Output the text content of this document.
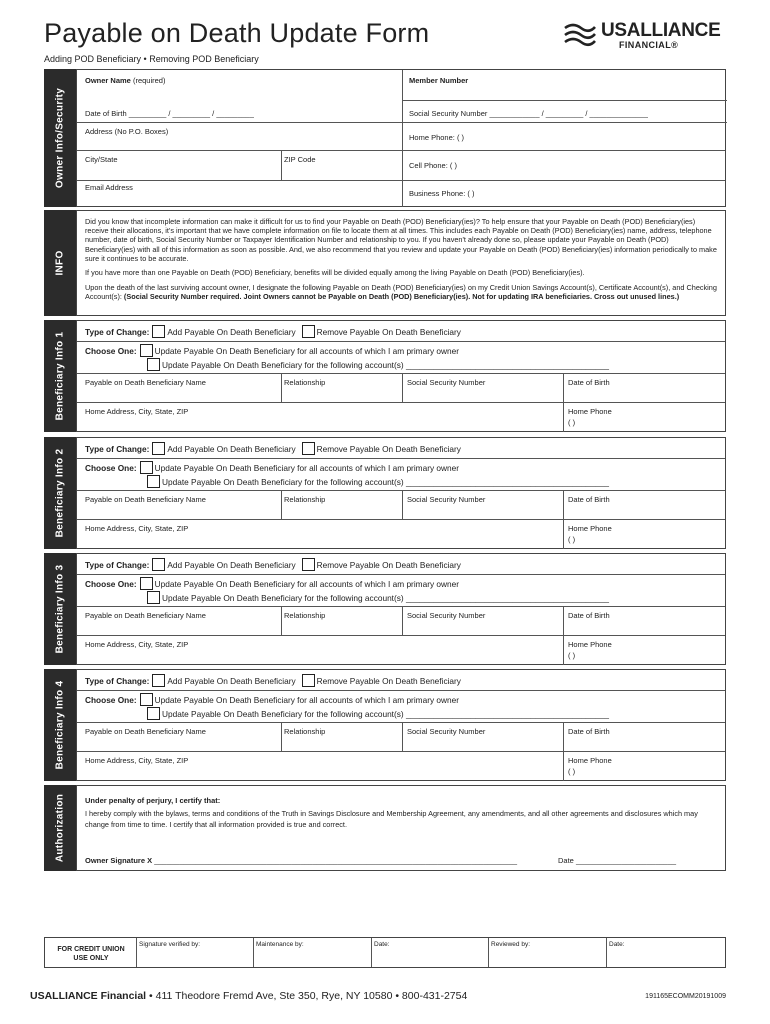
Payable on Death Update Form
Adding POD Beneficiary • Removing POD Beneficiary
USALLIANCE
FINANCIAL®
Owner Info/Security
Owner Name (required)	Member Number
Date of Birth _________ / _________ / _________	Social Security Number ____________ / _________ / ______________
Address (No P.O. Boxes)
Home Phone: ( )
City/State	ZIP Code
Cell Phone: ( )
Email Address
Business Phone: ( )
INFO
Did you know that incomplete information can make it difficult for us to find your Payable on Death (POD) Beneficiary(ies)? To help ensure that your Payable on Death (POD) Beneficiary(ies) receive their allocations, it's important that we have complete information on file to locate them at all times. This includes each Payable on Death (POD) Beneficiary(ies) name, address, telephone number, date of birth, Social Security Number or Taxpayer Identification Number and relationship to you. If you haven't already done so, please update your Payable on Death (POD) Beneficiary(ies) with all of this information as soon as possible. And, we also recommend that you review and update your Payable on Death (POD) Beneficiary(ies) information periodically to make sure it continues to be accurate.
If you have more than one Payable on Death (POD) Beneficiary, benefits will be divided equally among the living Payable on Death (POD) Beneficiary(ies).
Upon the death of the last surviving account owner, I designate the following Payable on Death (POD) Beneficiary(ies) on my Credit Union Savings Account(s), Certificate Account(s), and Checking Account(s): (Social Security Number required. Joint Owners cannot be Payable on Death (POD) Beneficiary(ies). Not for updating IRA beneficiaries. Cross out unused lines.)
Beneficiary Info 1
Type of Change: Add Payable On Death Beneficiary	Remove Payable On Death Beneficiary
Choose One: Update Payable On Death Beneficiary for all accounts of which I am primary owner
Update Payable On Death Beneficiary for the following account(s) ____________________________________________
Payable on Death Beneficiary Name	Relationship	Social Security Number	Date of Birth
Home Address, City, State, ZIP	Home Phone
( )
Beneficiary Info 2
Type of Change: Add Payable On Death Beneficiary	Remove Payable On Death Beneficiary
Choose One: Update Payable On Death Beneficiary for all accounts of which I am primary owner
Update Payable On Death Beneficiary for the following account(s) ____________________________________________
Payable on Death Beneficiary Name	Relationship	Social Security Number	Date of Birth
Home Address, City, State, ZIP	Home Phone
( )
Beneficiary Info 3
Type of Change: Add Payable On Death Beneficiary	Remove Payable On Death Beneficiary
Choose One: Update Payable On Death Beneficiary for all accounts of which I am primary owner
Update Payable On Death Beneficiary for the following account(s) ____________________________________________
Payable on Death Beneficiary Name	Relationship	Social Security Number	Date of Birth
Home Address, City, State, ZIP	Home Phone
( )
Beneficiary Info 4
Type of Change: Add Payable On Death Beneficiary	Remove Payable On Death Beneficiary
Choose One: Update Payable On Death Beneficiary for all accounts of which I am primary owner
Update Payable On Death Beneficiary for the following account(s) ____________________________________________
Payable on Death Beneficiary Name	Relationship	Social Security Number	Date of Birth
Home Address, City, State, ZIP	Home Phone
( )
Authorization	Under penalty of perjury, I certify that:
I hereby comply with the bylaws, terms and conditions of the Truth in Savings Disclosure and Membership Agreement, any amendments, and all other agreements and disclosures which may change from time to time. I certify that all information provided is true and correct.
Owner Signature X _______________________________________________________________________________________	Date ________________________
FOR CREDIT UNION USE ONLY
Signature verified by:	Maintenance by:	Date:	Reviewed by:	Date:
USALLIANCE Financial • 411 Theodore Fremd Ave, Ste 350, Rye, NY 10580 • 800-431-2754	191165ECOMM20191009
